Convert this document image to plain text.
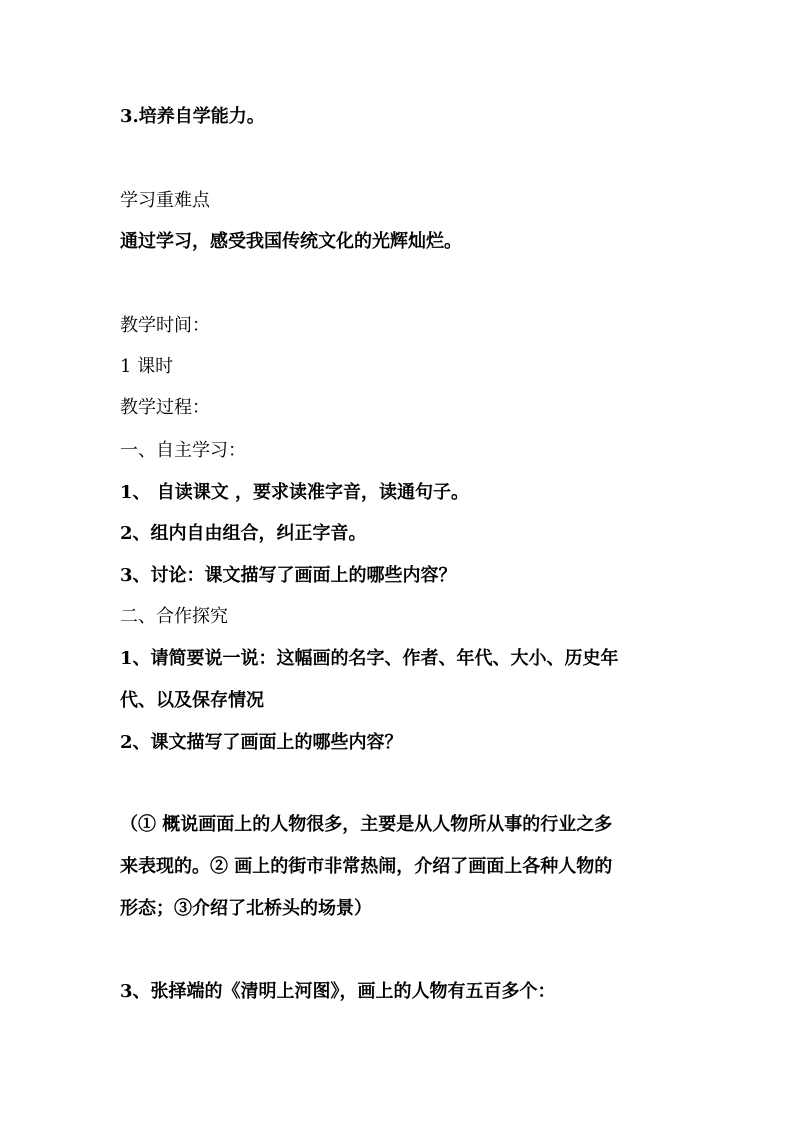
3.培养自学能力。
学习重难点
通过学习，感受我国传统文化的光辉灿烂。
教学时间：
1 课时
教学过程：
一、自主学习：
1、 自读课文 ，要求读准字音，读通句子。
2、组内自由组合，纠正字音。
3、讨论：课文描写了画面上的哪些内容？
二、合作探究
1、请简要说一说：这幅画的名字、作者、年代、大小、历史年
代、以及保存情况
2、课文描写了画面上的哪些内容？
（① 概说画面上的人物很多，主要是从人物所从事的行业之多
来表现的。② 画上的街市非常热闹，介绍了画面上各种人物的
形态；③介绍了北桥头的场景）
3、张择端的《清明上河图》，画上的人物有五百多个：
